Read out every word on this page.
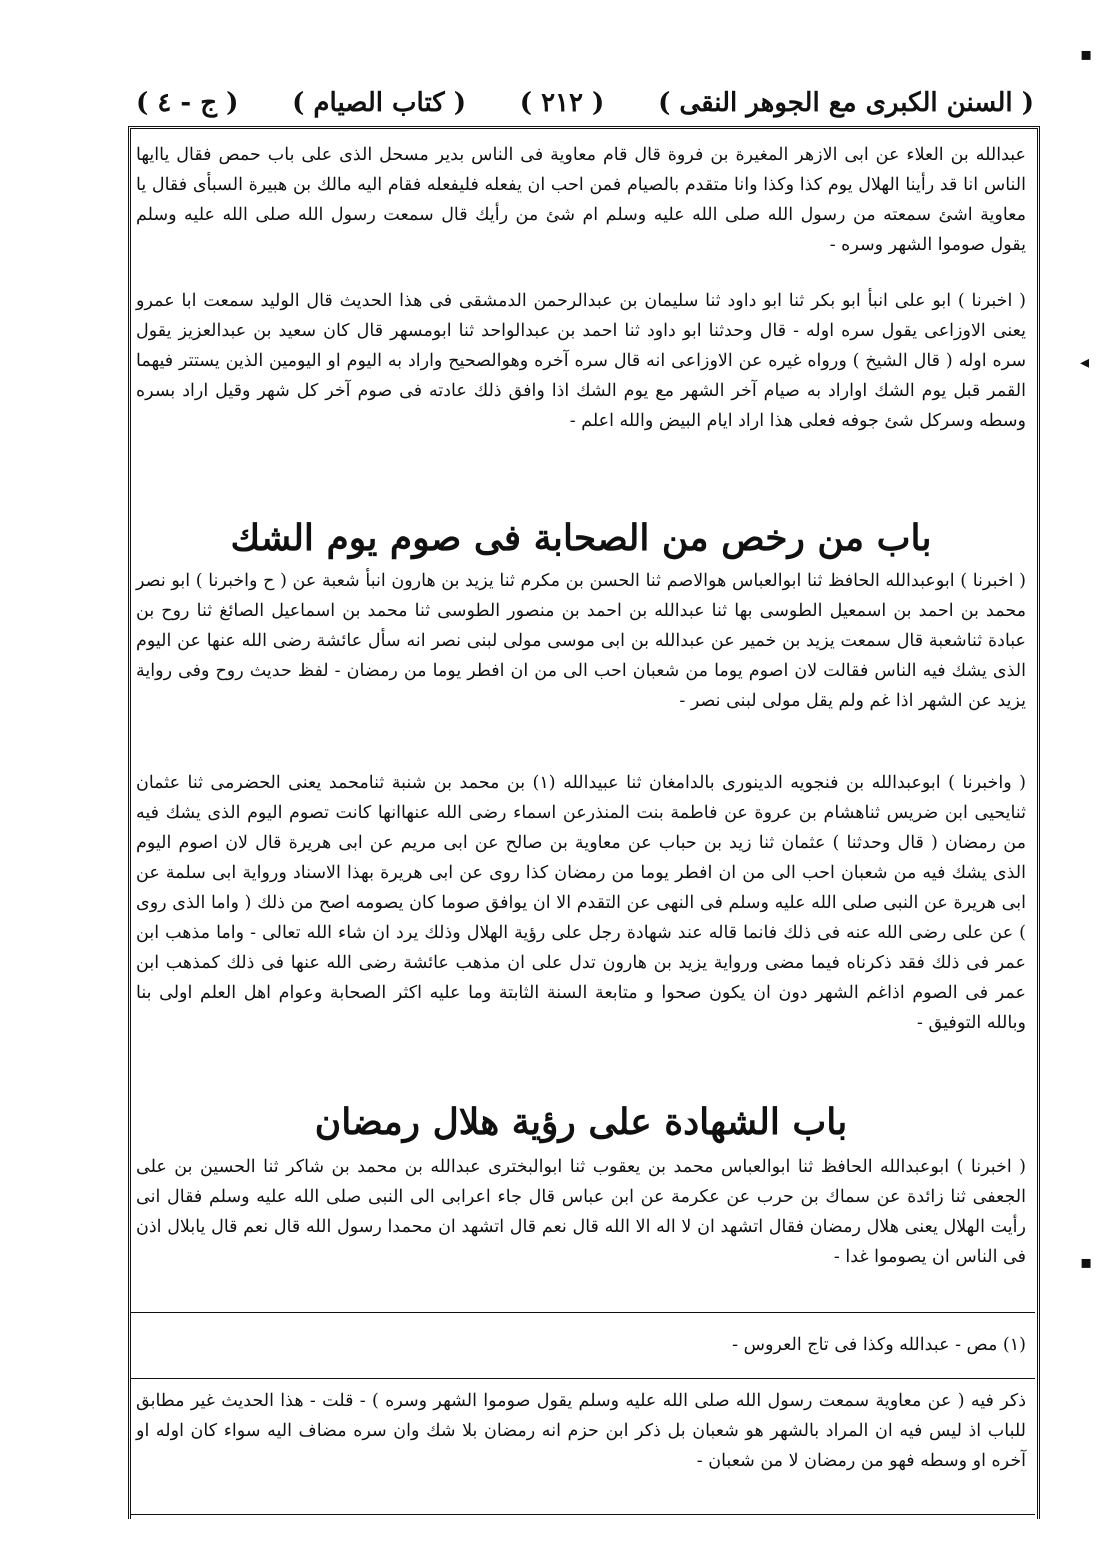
( السنن الكبرى مع الجوهر النقى )
( ٢١٢ )
( كتاب الصيام )
( ج - ٤ )
عبدالله بن العلاء عن ابى الازهر المغيرة بن فروة قال قام معاوية فى الناس بدير مسحل الذى على باب حمص فقال ياايها الناس انا قد رأينا الهلال يوم كذا وكذا وانا متقدم بالصيام فمن احب ان يفعله فليفعله فقام اليه مالك بن هبيرة السبأى فقال يا معاوية اشئ سمعته من رسول الله صلى الله عليه وسلم ام شئ من رأيك قال سمعت رسول الله صلى الله عليه وسلم يقول صوموا الشهر وسره -
( اخبرنا ) ابو على انبأ ابو بكر ثنا ابو داود ثنا سليمان بن عبدالرحمن الدمشقى فى هذا الحديث قال الوليد سمعت ابا عمرو يعنى الاوزاعى يقول سره اوله - قال وحدثنا ابو داود ثنا احمد بن عبدالواحد ثنا ابومسهر قال كان سعيد بن عبدالعزيز يقول سره اوله ( قال الشيخ ) ورواه غيره عن الاوزاعى انه قال سره آخره وهوالصحيح واراد به اليوم او اليومين الذين يستتر فيهما القمر قبل يوم الشك اواراد به صيام آخر الشهر مع يوم الشك اذا وافق ذلك عادته فى صوم آخر كل شهر وقيل اراد بسره وسطه وسركل شئ جوفه فعلى هذا اراد ايام البيض والله اعلم -
باب من رخص من الصحابة فى صوم يوم الشك
( اخبرنا ) ابوعبدالله الحافظ ثنا ابوالعباس هوالاصم ثنا الحسن بن مكرم ثنا يزيد بن هارون انبأ شعبة عن ( ح واخبرنا ) ابو نصر محمد بن احمد بن اسمعيل الطوسى بها ثنا عبدالله بن احمد بن منصور الطوسى ثنا محمد بن اسماعيل الصائغ ثنا روح بن عبادة ثناشعبة قال سمعت يزيد بن خمير عن عبدالله بن ابى موسى مولى لبنى نصر انه سأل عائشة رضى الله عنها عن اليوم الذى يشك فيه الناس فقالت لان اصوم يوما من شعبان احب الى من ان افطر يوما من رمضان - لفظ حديث روح وفى رواية يزيد عن الشهر اذا غم ولم يقل مولى لبنى نصر -
( واخبرنا ) ابوعبدالله بن فنجويه الدينورى بالدامغان ثنا عبيدالله (١) بن محمد بن شنبة ثنامحمد يعنى الحضرمى ثنا عثمان ثنايحيى ابن ضريس ثناهشام بن عروة عن فاطمة بنت المنذرعن اسماء رضى الله عنهاانها كانت تصوم اليوم الذى يشك فيه من رمضان ( قال وحدثنا ) عثمان ثنا زيد بن حباب عن معاوية بن صالح عن ابى مريم عن ابى هريرة قال لان اصوم اليوم الذى يشك فيه من شعبان احب الى من ان افطر يوما من رمضان كذا روى عن ابى هريرة بهذا الاسناد ورواية ابى سلمة عن ابى هريرة عن النبى صلى الله عليه وسلم فى النهى عن التقدم الا ان يوافق صوما كان يصومه اصح من ذلك ( واما الذى روى ) عن على رضى الله عنه فى ذلك فانما قاله عند شهادة رجل على رؤية الهلال وذلك يرد ان شاء الله تعالى - واما مذهب ابن عمر فى ذلك فقد ذكرناه فيما مضى ورواية يزيد بن هارون تدل على ان مذهب عائشة رضى الله عنها فى ذلك كمذهب ابن عمر فى الصوم اذاغم الشهر دون ان يكون صحوا و متابعة السنة الثابتة وما عليه اكثر الصحابة وعوام اهل العلم اولى بنا وبالله التوفيق -
باب الشهادة على رؤية هلال رمضان
( اخبرنا ) ابوعبدالله الحافظ ثنا ابوالعباس محمد بن يعقوب ثنا ابوالبخترى عبدالله بن محمد بن شاكر ثنا الحسين بن على الجعفى ثنا زائدة عن سماك بن حرب عن عكرمة عن ابن عباس قال جاء اعرابى الى النبى صلى الله عليه وسلم فقال انى رأيت الهلال يعنى هلال رمضان فقال اتشهد ان لا اله الا الله قال نعم قال اتشهد ان محمدا رسول الله قال نعم قال يابلال اذن فى الناس ان يصوموا غدا -
(١) مص - عبدالله وكذا فى تاج العروس -
ذكر فيه ( عن معاوية سمعت رسول الله صلى الله عليه وسلم يقول صوموا الشهر وسره ) - قلت - هذا الحديث غير مطابق للباب اذ ليس فيه ان المراد بالشهر هو شعبان بل ذكر ابن حزم انه رمضان بلا شك وان سره مضاف اليه سواء كان اوله او آخره او وسطه فهو من رمضان لا من شعبان -
▪
◂
▪
